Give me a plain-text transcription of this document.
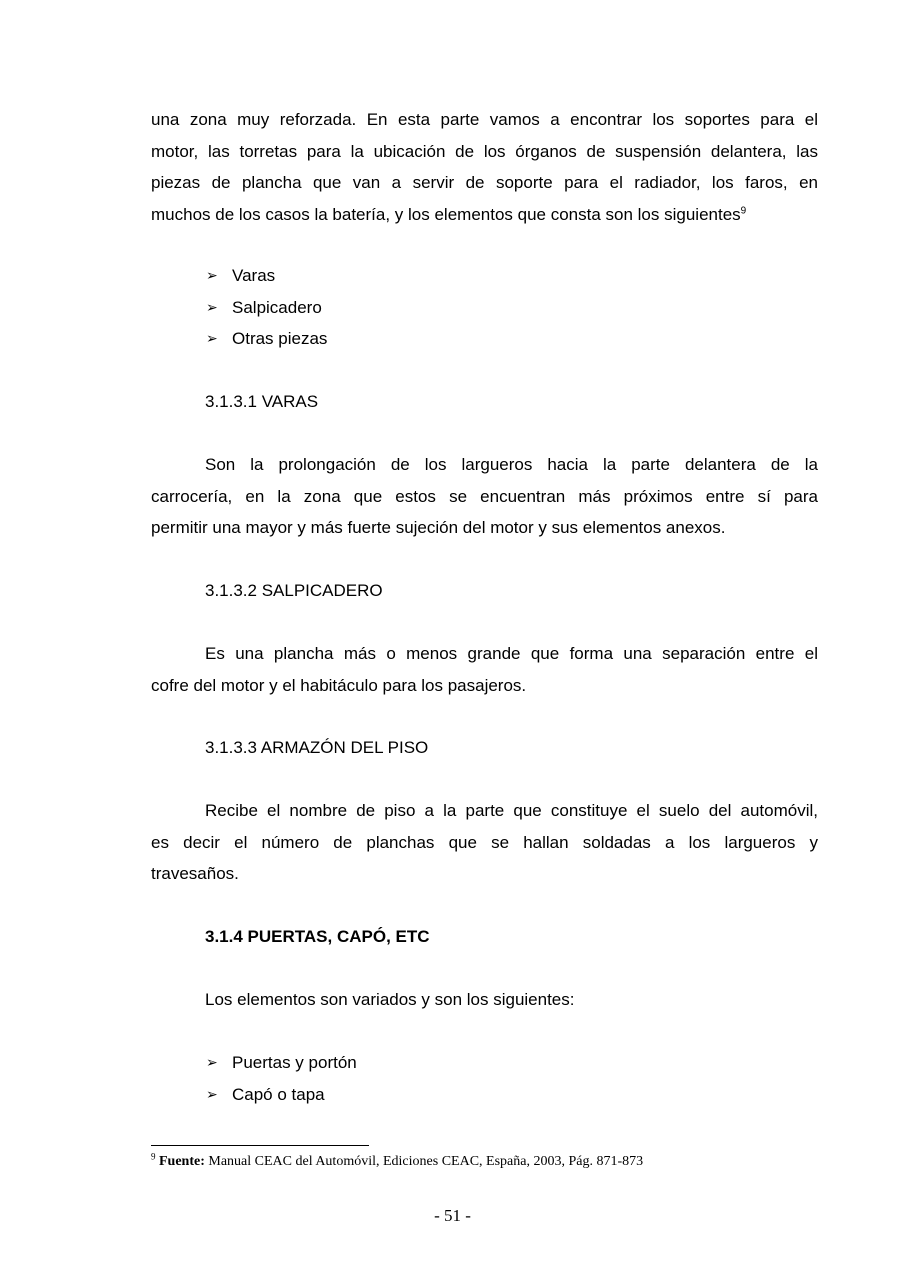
una zona muy reforzada. En esta parte vamos a encontrar los soportes para el
motor, las torretas para la ubicación de los órganos de suspensión delantera, las
piezas de plancha que van a servir de soporte para el radiador, los faros, en
muchos de los casos la batería, y los elementos que consta son los siguientes$^9$
➢ Varas
➢ Salpicadero
➢ Otras piezas
3.1.3.1 VARAS
Son la prolongación de los largueros hacia la parte delantera de la
carrocería, en la zona que estos se encuentran más próximos entre sí para
permitir una mayor y más fuerte sujeción del motor y sus elementos anexos.
3.1.3.2 SALPICADERO
Es una plancha más o menos grande que forma una separación entre el
cofre del motor y el habitáculo para los pasajeros.
3.1.3.3 ARMAZÓN DEL PISO
Recibe el nombre de piso a la parte que constituye el suelo del automóvil,
es decir el número de planchas que se hallan soldadas a los largueros y
travesaños.
3.1.4 PUERTAS, CAPÓ, ETC
Los elementos son variados y son los siguientes:
➢ Puertas y portón
➢ Capó o tapa
$^9$ Fuente: Manual CEAC del Automóvil, Ediciones CEAC, España, 2003, Pág. 871-873
- 51 -
